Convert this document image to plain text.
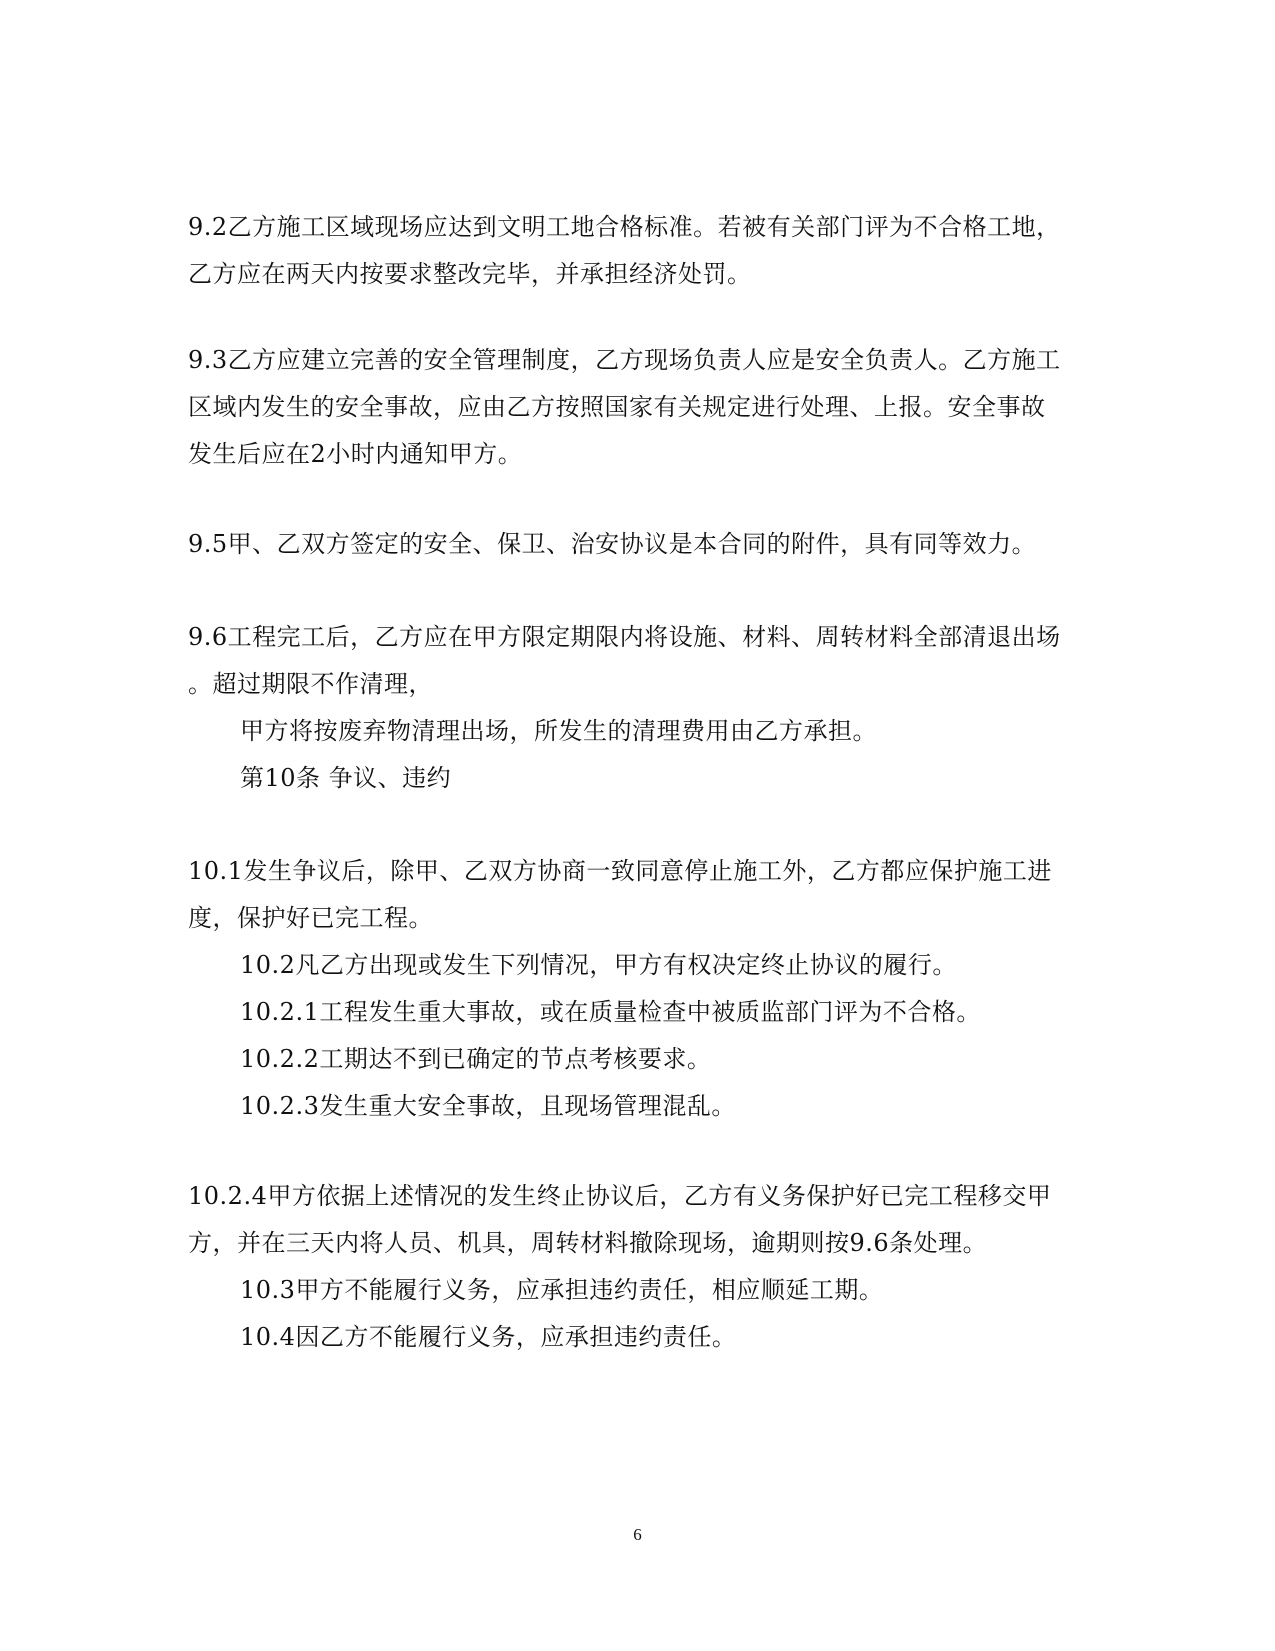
9.2乙方施工区域现场应达到文明工地合格标准。若被有关部门评为不合格工地，
乙方应在两天内按要求整改完毕，并承担经济处罚。
9.3乙方应建立完善的安全管理制度，乙方现场负责人应是安全负责人。乙方施工
区域内发生的安全事故，应由乙方按照国家有关规定进行处理、上报。安全事故
发生后应在2小时内通知甲方。
9.5甲、乙双方签定的安全、保卫、治安协议是本合同的附件，具有同等效力。
9.6工程完工后，乙方应在甲方限定期限内将设施、材料、周转材料全部清退出场
。超过期限不作清理，
甲方将按废弃物清理出场，所发生的清理费用由乙方承担。
第10条 争议、违约
10.1发生争议后，除甲、乙双方协商一致同意停止施工外，乙方都应保护施工进
度，保护好已完工程。
10.2凡乙方出现或发生下列情况，甲方有权决定终止协议的履行。
10.2.1工程发生重大事故，或在质量检查中被质监部门评为不合格。
10.2.2工期达不到已确定的节点考核要求。
10.2.3发生重大安全事故，且现场管理混乱。
10.2.4甲方依据上述情况的发生终止协议后，乙方有义务保护好已完工程移交甲
方，并在三天内将人员、机具，周转材料撤除现场，逾期则按9.6条处理。
10.3甲方不能履行义务，应承担违约责任，相应顺延工期。
10.4因乙方不能履行义务，应承担违约责任。
6
